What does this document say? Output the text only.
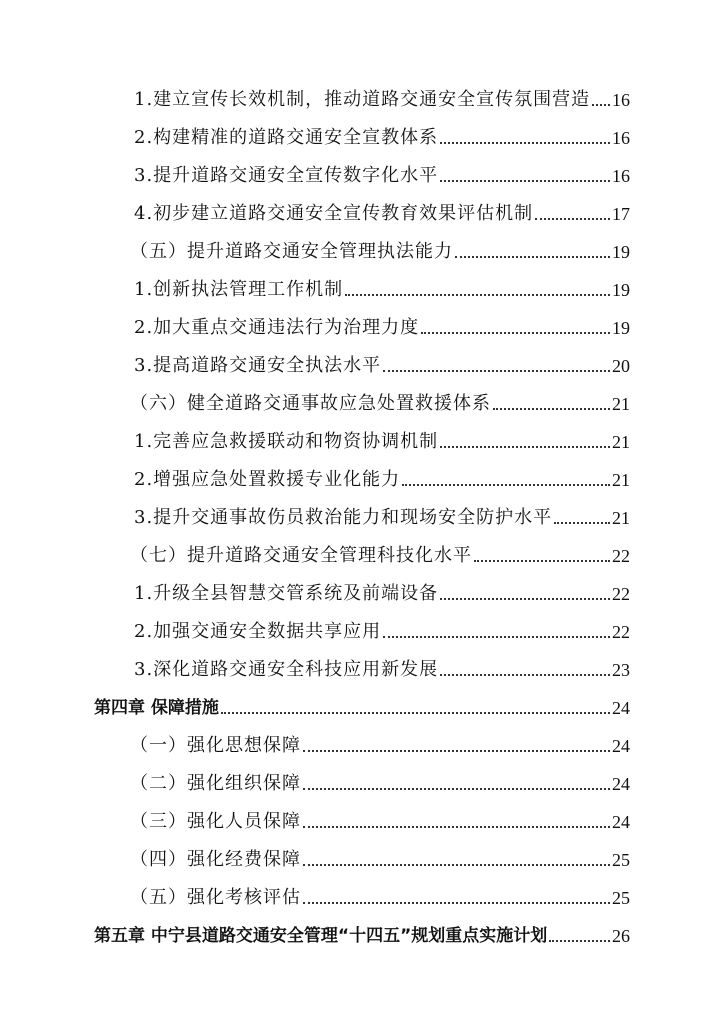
1.建立宣传长效机制，推动道路交通安全宣传氛围营造 16
2.构建精准的道路交通安全宣教体系	16
3.提升道路交通安全宣传数字化水平	16
4.初步建立道路交通安全宣传教育效果评估机制	17
（五）提升道路交通安全管理执法能力	19
1.创新执法管理工作机制	19
2.加大重点交通违法行为治理力度	19
3.提高道路交通安全执法水平	20
（六）健全道路交通事故应急处置救援体系	21
1.完善应急救援联动和物资协调机制	21
2.增强应急处置救援专业化能力	21
3.提升交通事故伤员救治能力和现场安全防护水平	21
（七）提升道路交通安全管理科技化水平	22
1.升级全县智慧交管系统及前端设备	22
2.加强交通安全数据共享应用	22
3.深化道路交通安全科技应用新发展	23
第四章 保障措施	24
（一）强化思想保障	24
（二）强化组织保障	24
（三）强化人员保障	24
（四）强化经费保障	25
（五）强化考核评估	25
第五章 中宁县道路交通安全管理“十四五”规划重点实施计划	26
